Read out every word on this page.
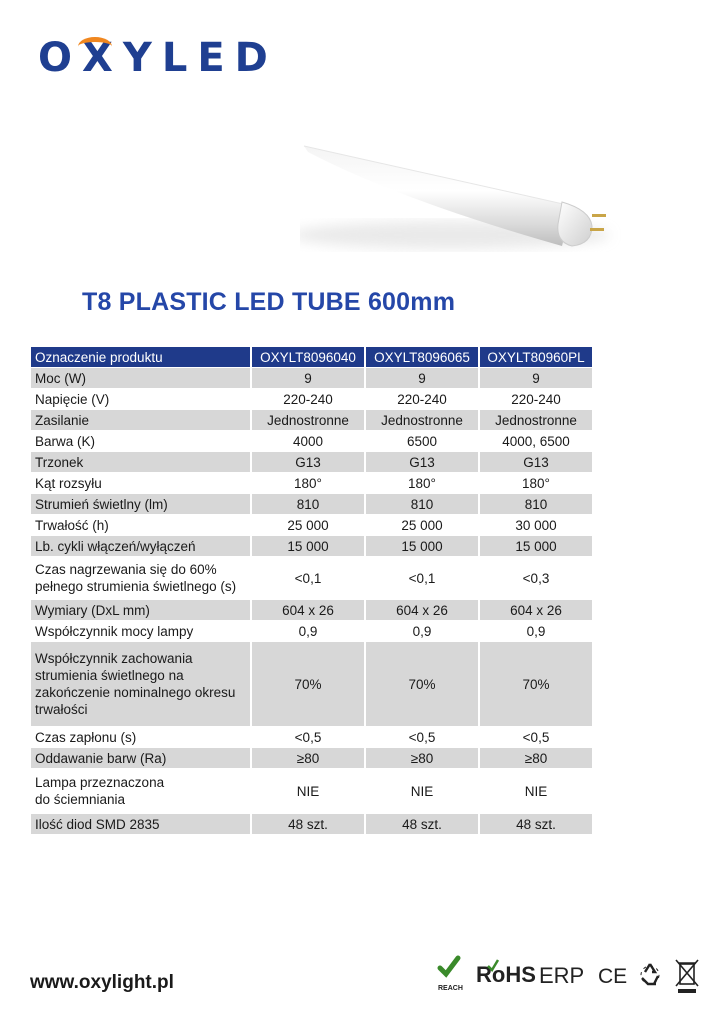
O
XYLED
T8 PLASTIC LED TUBE 600mm
Oznaczenie produktu	OXYLT8096040	OXYLT8096065	OXYLT80960PL
Moc (W)	9	9	9
Napięcie (V)	220-240	220-240	220-240
Zasilanie	Jednostronne	Jednostronne	Jednostronne
Barwa (K)	4000	6500	4000, 6500
Trzonek	G13	G13	G13
Kąt rozsyłu	180°	180°	180°
Strumień świetlny (lm)	810	810	810
Trwałość (h)	25 000	25 000	30 000
Lb. cykli włączeń/wyłączeń	15 000	15 000	15 000

Czas nagrzewania się do 60%
pełnego strumienia świetlnego (s)	<0,1	<0,1	<0,3
Wymiary (DxL mm)	604 x 26	604 x 26	604 x 26
Współczynnik mocy lampy	0,9	0,9	0,9

Współczynnik zachowania
strumienia świetlnego na
zakończenie nominalnego okresu
trwałości	70%	70%	70%
Czas zapłonu (s)	<0,5	<0,5	<0,5
Oddawanie barw (Ra)	≥80	≥80	≥80

Lampa przeznaczona
do ściemniania	NIE	NIE	NIE
Ilość diod SMD 2835	48 szt.	48 szt.	48 szt.
www.oxylight.pl	REACH
RoHS ERP CE
